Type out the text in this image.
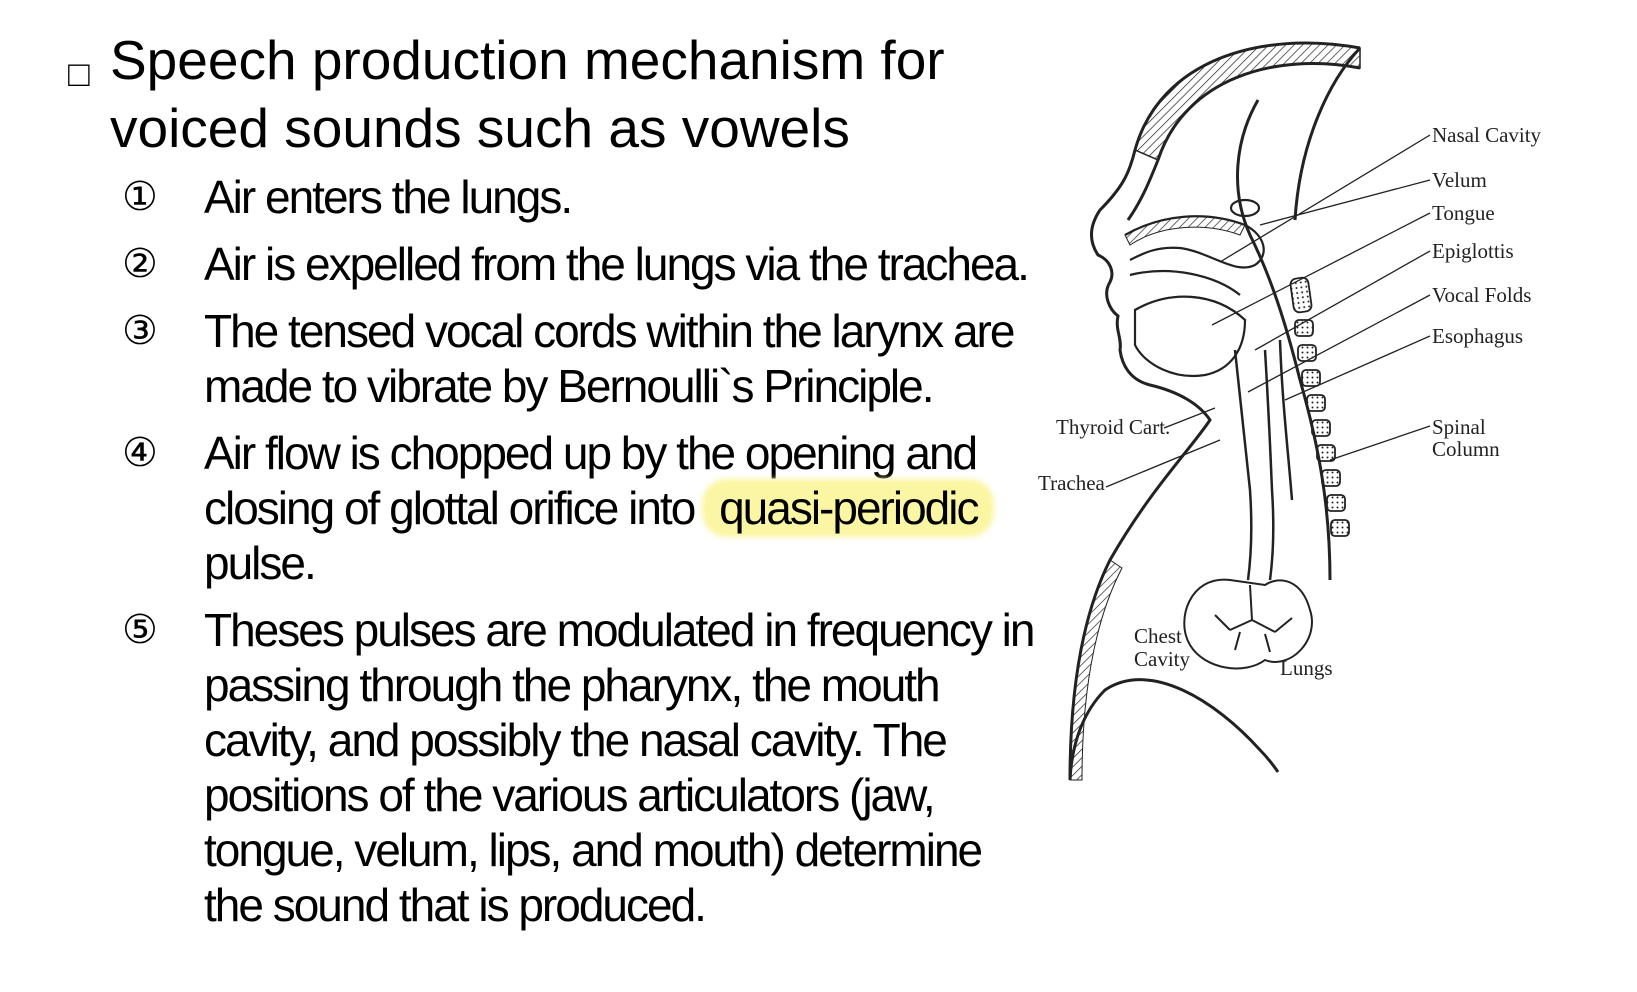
□ Speech production mechanism for voiced sounds such as vowels
① Air enters the lungs.
② Air is expelled from the lungs via the trachea.
③ The tensed vocal cords within the larynx are made to vibrate by Bernoulli`s Principle.
④ Air flow is chopped up by the opening and closing of glottal orifice into quasi-periodic pulse.
⑤ Theses pulses are modulated in frequency in passing through the pharynx, the mouth cavity, and possibly the nasal cavity. The positions of the various articulators (jaw, tongue, velum, lips, and mouth) determine the sound that is produced.
Nasal Cavity
Velum
Tongue
Epiglottis
Vocal Folds
Esophagus
Spinal
Column
Thyroid Cart.
Trachea
Chest
Cavity	Lungs
